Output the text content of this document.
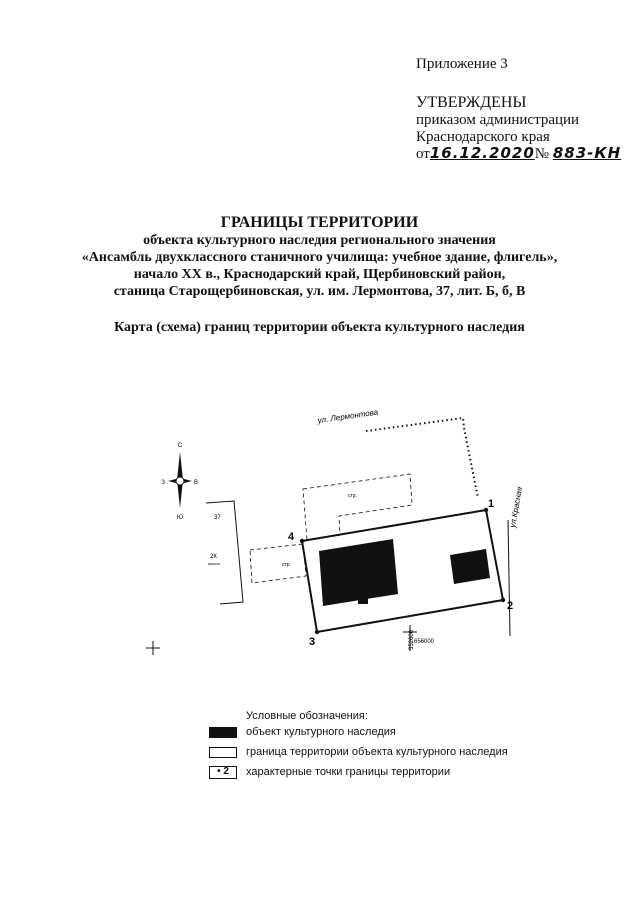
Приложение 3
УТВЕРЖДЕНЫ
приказом администрации
Краснодарского края
от16.12.2020№ 883-КН
ГРАНИЦЫ ТЕРРИТОРИИ
объекта культурного наследия регионального значения
«Ансамбль двухклассного станичного училища: учебное здание, флигель»,
начало XX в., Краснодарский край, Щербиновский район,
станица Старощербиновская, ул. им. Лермонтова, 37, лит. Б, б, В
Карта (схема) границ территории объекта культурного наследия
С
Ю
В
З
ул. Лермонтова
ул.Красная
стр.
стр.
37
2К
школа
1
2
3
4
352600 656000
Условные обозначения:
объект культурного наследия
граница территории объекта культурного наследия
• 2	характерные точки границы территории
